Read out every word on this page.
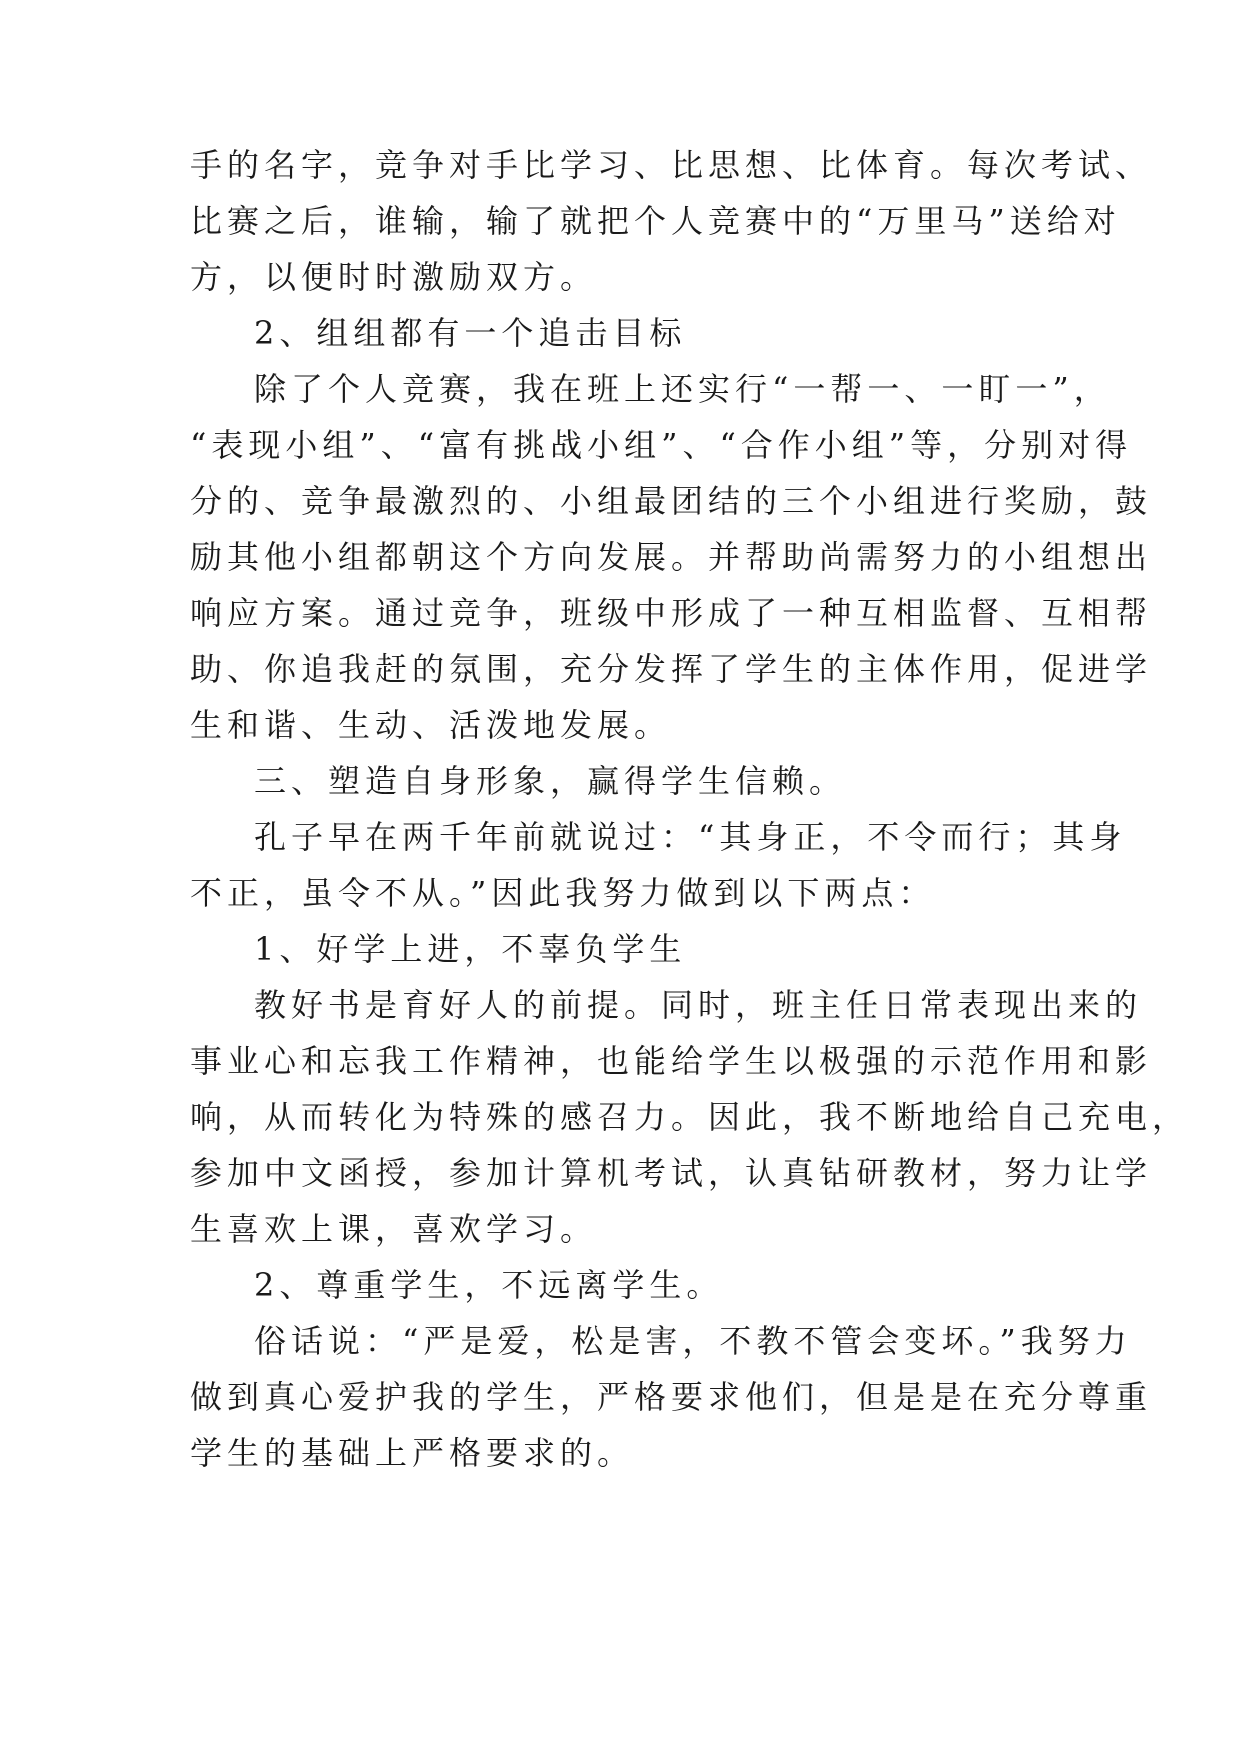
手的名字，竞争对手比学习、比思想、比体育。每次考试、
比赛之后，谁输，输了就把个人竞赛中的“万里马”送给对
方，以便时时激励双方。
2、组组都有一个追击目标
除了个人竞赛，我在班上还实行“一帮一、一盯一”，
“表现小组”、“富有挑战小组”、“合作小组”等，分别对得
分的、竞争最激烈的、小组最团结的三个小组进行奖励，鼓
励其他小组都朝这个方向发展。并帮助尚需努力的小组想出
响应方案。通过竞争，班级中形成了一种互相监督、互相帮
助、你追我赶的氛围，充分发挥了学生的主体作用，促进学
生和谐、生动、活泼地发展。
三、塑造自身形象，赢得学生信赖。
孔子早在两千年前就说过：“其身正，不令而行；其身
不正，虽令不从。”因此我努力做到以下两点：
1、好学上进，不辜负学生
教好书是育好人的前提。同时，班主任日常表现出来的
事业心和忘我工作精神，也能给学生以极强的示范作用和影
响，从而转化为特殊的感召力。因此，我不断地给自己充电，
参加中文函授，参加计算机考试，认真钻研教材，努力让学
生喜欢上课，喜欢学习。
2、尊重学生，不远离学生。
俗话说：“严是爱，松是害，不教不管会变坏。”我努力
做到真心爱护我的学生，严格要求他们，但是是在充分尊重
学生的基础上严格要求的。
